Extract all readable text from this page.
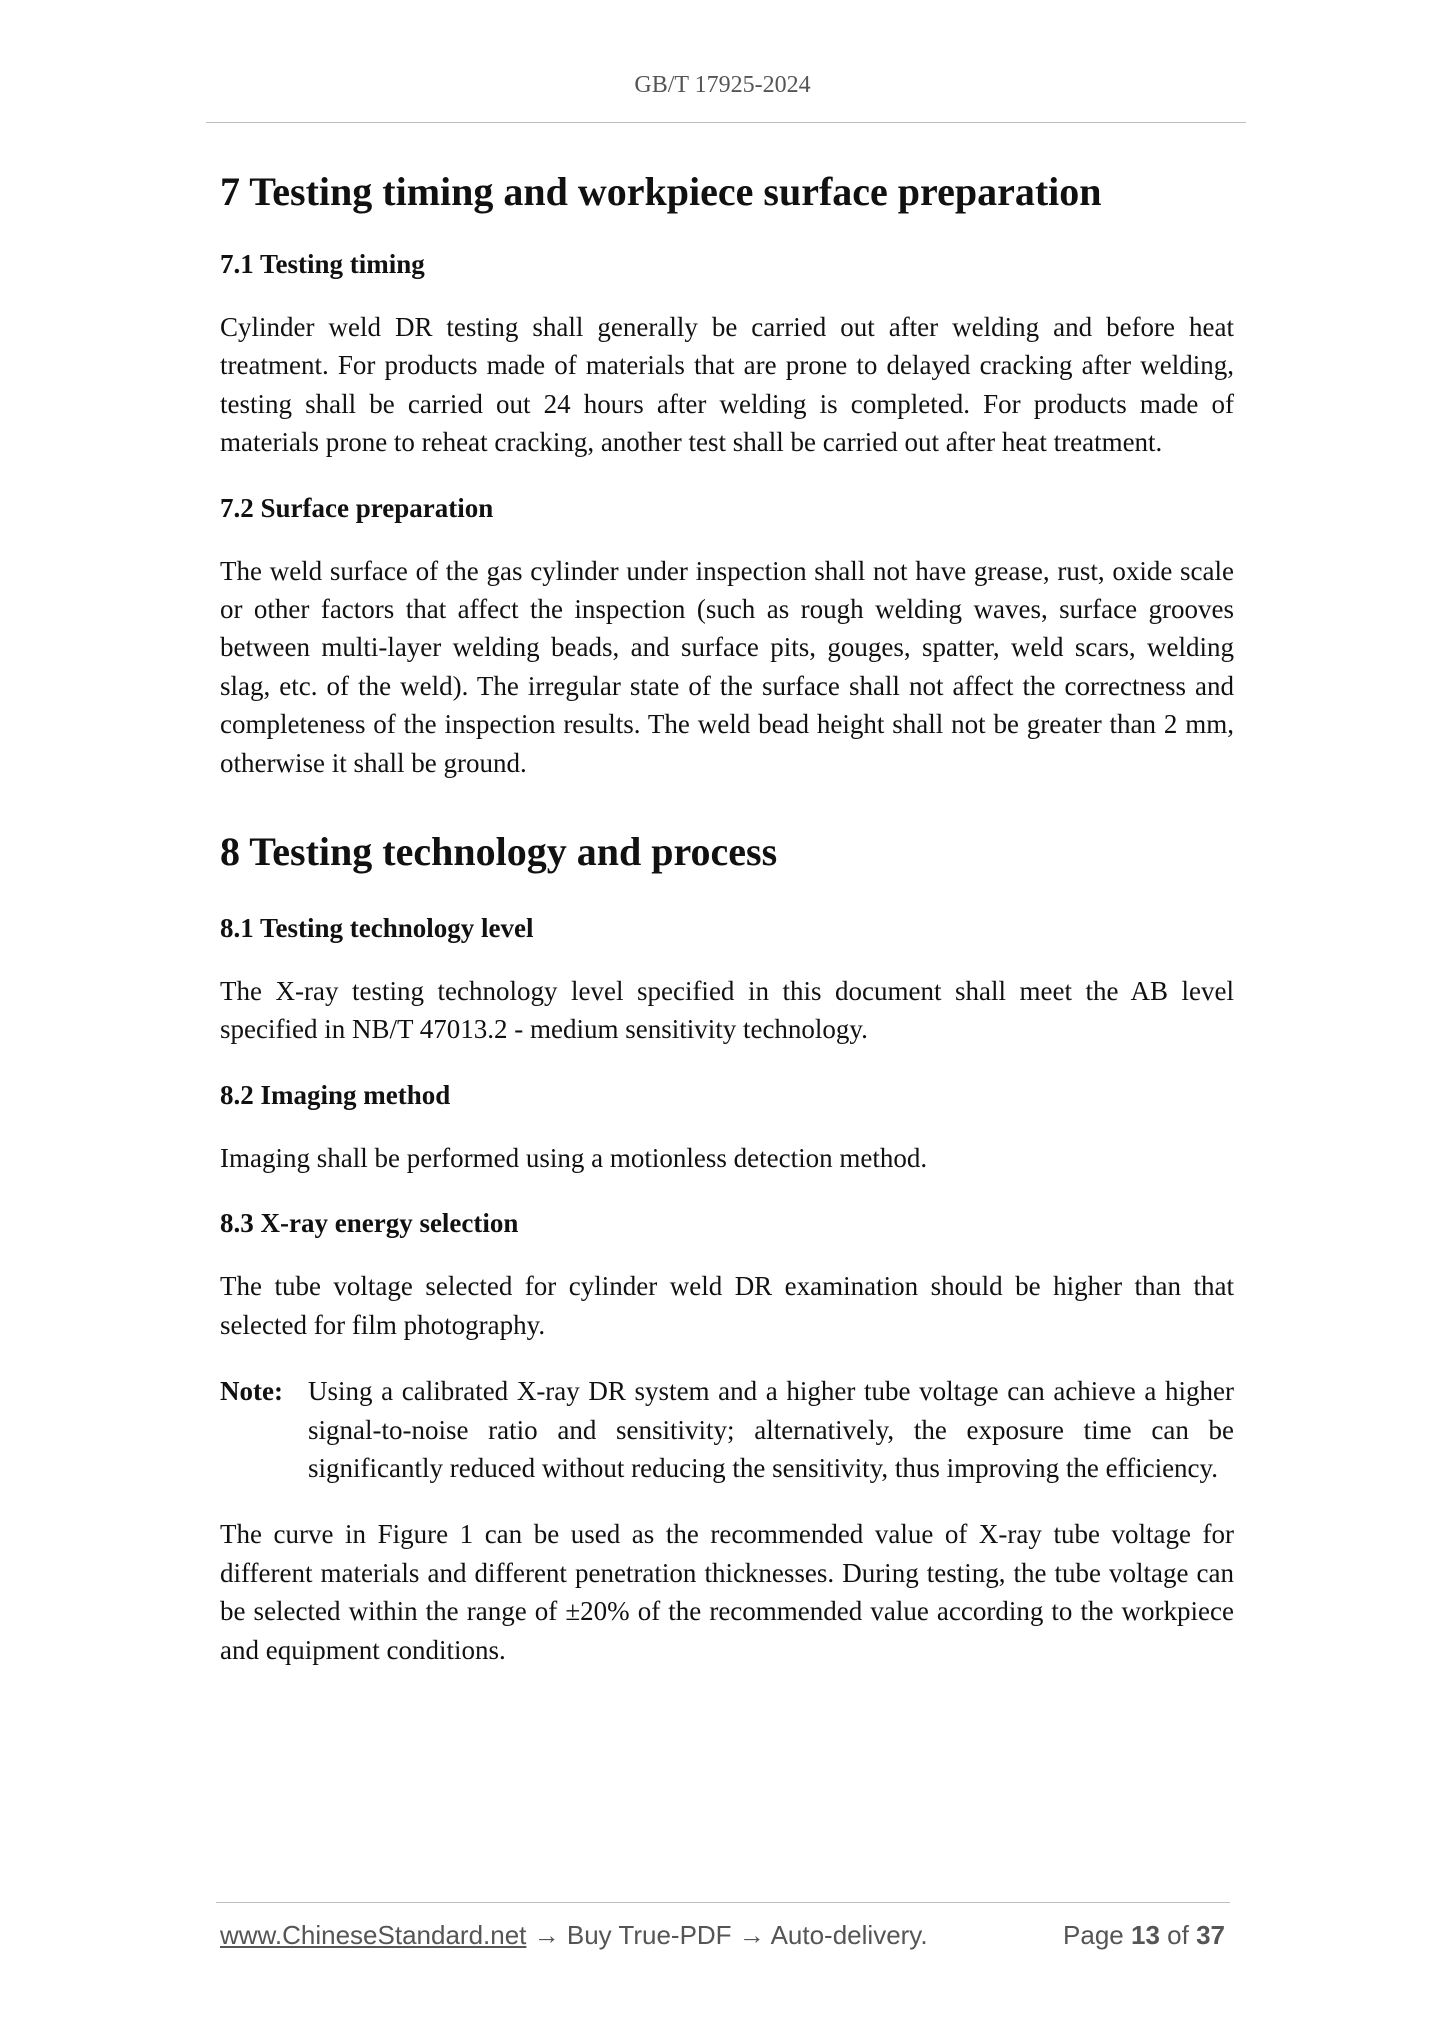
GB/T 17925-2024
7 Testing timing and workpiece surface preparation
7.1 Testing timing

Cylinder weld DR testing shall generally be carried out after welding and before heat treatment. For products made of materials that are prone to delayed cracking after welding, testing shall be carried out 24 hours after welding is completed. For products made of materials prone to reheat cracking, another test shall be carried out after heat treatment.

7.2 Surface preparation

The weld surface of the gas cylinder under inspection shall not have grease, rust, oxide scale or other factors that affect the inspection (such as rough welding waves, surface grooves between multi-layer welding beads, and surface pits, gouges, spatter, weld scars, welding slag, etc. of the weld). The irregular state of the surface shall not affect the correctness and completeness of the inspection results. The weld bead height shall not be greater than 2 mm, otherwise it shall be ground.

8 Testing technology and process
8.1 Testing technology level

The X-ray testing technology level specified in this document shall meet the AB level specified in NB/T 47013.2 - medium sensitivity technology.

8.2 Imaging method

Imaging shall be performed using a motionless detection method.

8.3 X-ray energy selection

The tube voltage selected for cylinder weld DR examination should be higher than that selected for film photography.

Note: Using a calibrated X-ray DR system and a higher tube voltage can achieve a higher signal-to-noise ratio and sensitivity; alternatively, the exposure time can be significantly reduced without reducing the sensitivity, thus improving the efficiency.

The curve in Figure 1 can be used as the recommended value of X-ray tube voltage for different materials and different penetration thicknesses. During testing, the tube voltage can be selected within the range of ±20% of the recommended value according to the workpiece and equipment conditions.

www.ChineseStandard.net → Buy True-PDF → Auto-delivery.	Page 13 of 37
